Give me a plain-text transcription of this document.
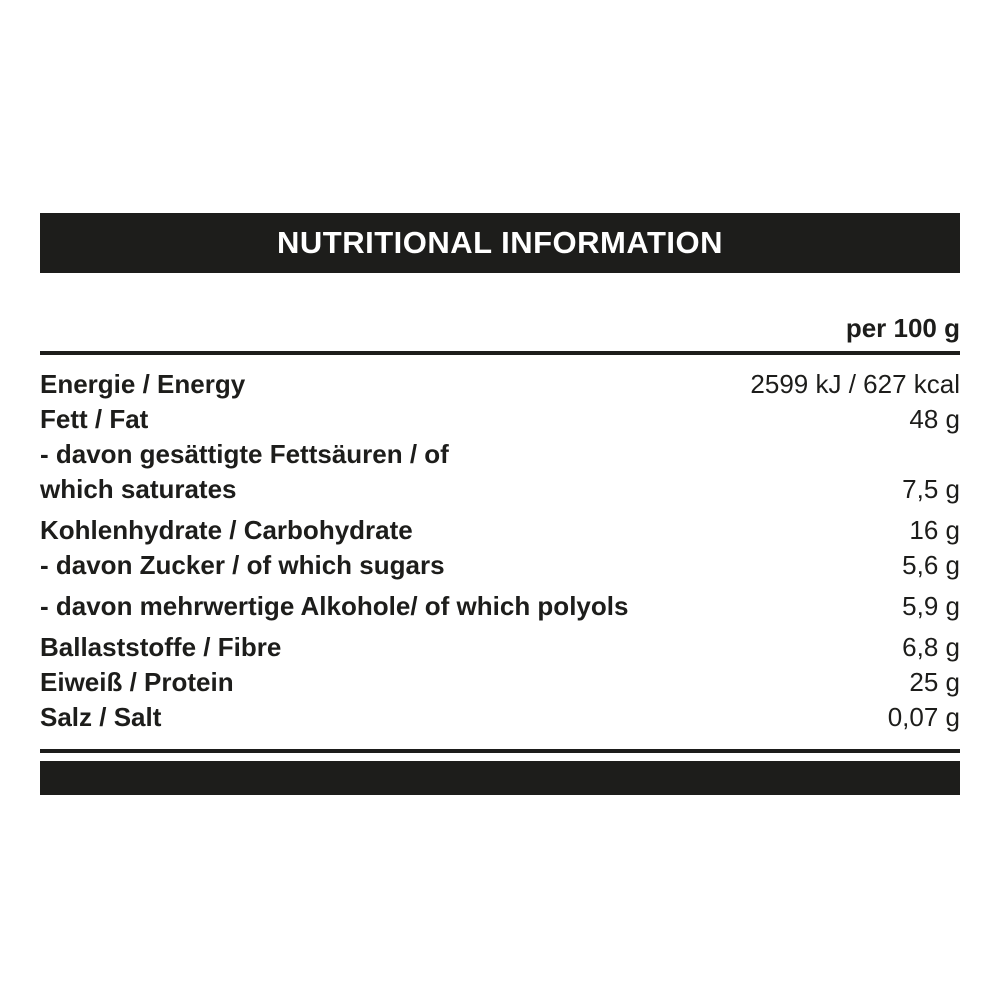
NUTRITIONAL INFORMATION
per 100 g
Energie / Energy	2599 kJ / 627 kcal
Fett / Fat	48 g
- davon gesättigte Fettsäuren / of which saturates	7,5 g
Kohlenhydrate / Carbohydrate	16 g
- davon Zucker / of which sugars	5,6 g
- davon mehrwertige Alkohole/ of which polyols	5,9 g
Ballaststoffe / Fibre	6,8 g
Eiweiß / Protein	25 g
Salz / Salt	0,07 g
